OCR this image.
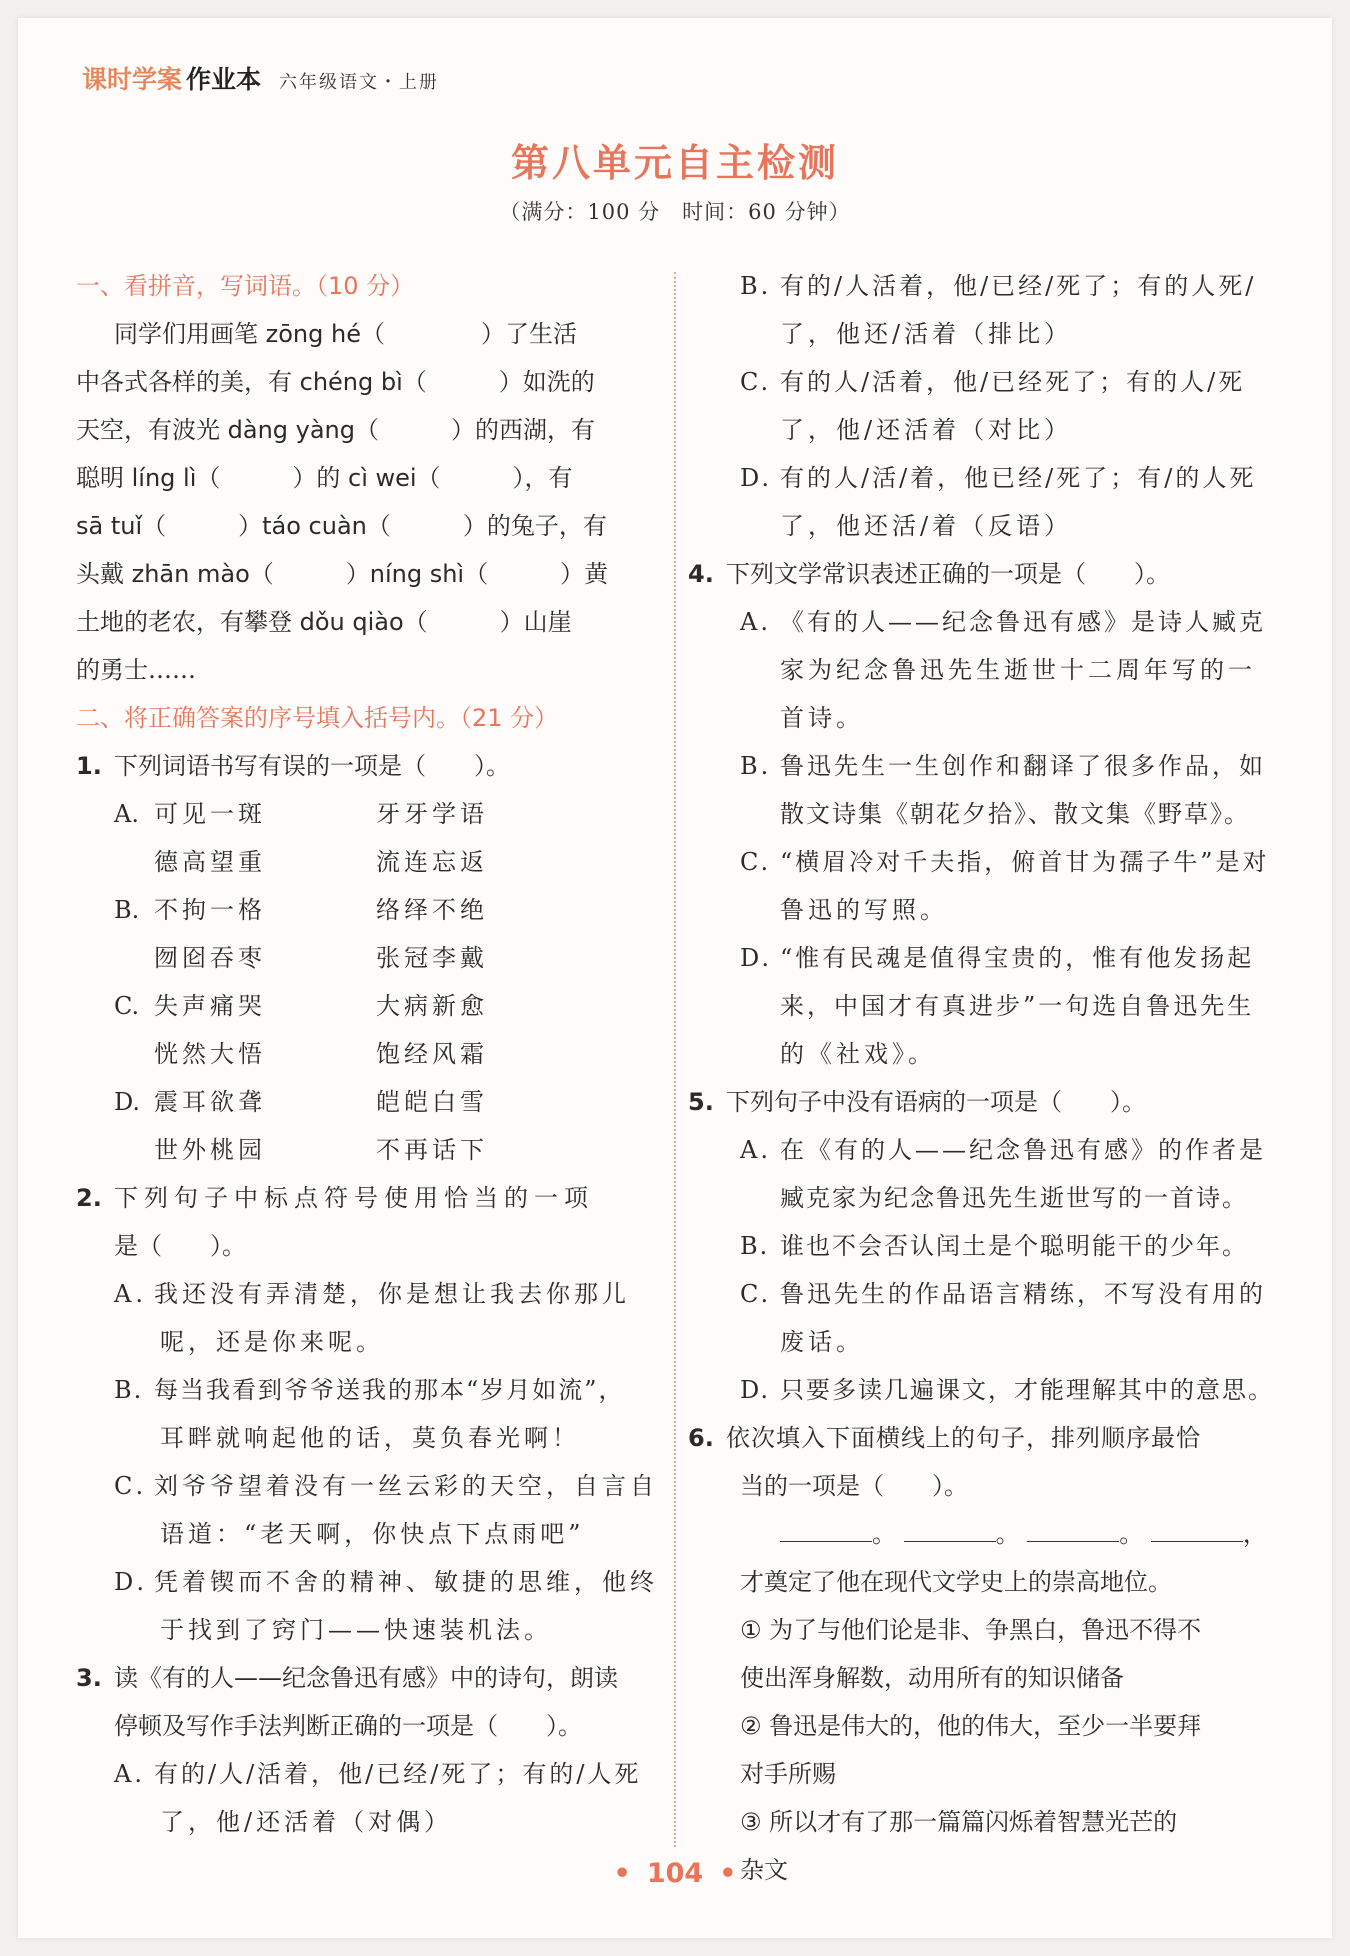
课时学案 作业本 六年级语文・上册
第八单元自主检测
（满分：100 分　时间：60 分钟）
一、看拼音，写词语。（10 分）
同学们用画笔 zōng hé（　　　　）了生活
中各式各样的美，有 chéng bì（　　　）如洗的
天空，有波光 dàng yàng（　　　）的西湖，有
聪明 líng lì（　　　）的 cì wei（　　　），有
sā tuǐ（　　　）táo cuàn（　　　）的兔子，有
头戴 zhān mào（　　　）níng shì（　　　）黄
土地的老农，有攀登 dǒu qiào（　　　）山崖
的勇士……
二、将正确答案的序号填入括号内。（21 分）
1. 下列词语书写有误的一项是（　　）。
A. 可见一斑	牙牙学语
德高望重	流连忘返
B. 不拘一格	络绎不绝
囫囵吞枣	张冠李戴
C. 失声痛哭	大病新愈
恍然大悟	饱经风霜
D. 震耳欲聋	皑皑白雪
世外桃园	不再话下
2. 下列句子中标点符号使用恰当的一项
是（　　）。
A. 我还没有弄清楚，你是想让我去你那儿
呢，还是你来呢。
B. 每当我看到爷爷送我的那本“岁月如流”，
耳畔就响起他的话，莫负春光啊！
C. 刘爷爷望着没有一丝云彩的天空，自言自
语道：“老天啊，你快点下点雨吧”
D. 凭着锲而不舍的精神、敏捷的思维，他终
于找到了窍门——快速装机法。
3. 读《有的人——纪念鲁迅有感》中的诗句，朗读
停顿及写作手法判断正确的一项是（　　）。
A. 有的/人/活着，他/已经/死了；有的/人死
了，他/还活着（对偶）
B. 有的/人活着，他/已经/死了；有的人死/
了，他还/活着（排比）
C. 有的人/活着，他/已经死了；有的人/死
了，他/还活着（对比）
D. 有的人/活/着，他已经/死了；有/的人死
了，他还活/着（反语）
4. 下列文学常识表述正确的一项是（　　）。
A. 《有的人——纪念鲁迅有感》是诗人臧克
家为纪念鲁迅先生逝世十二周年写的一
首诗。
B. 鲁迅先生一生创作和翻译了很多作品，如
散文诗集《朝花夕拾》、散文集《野草》。
C. “横眉冷对千夫指，俯首甘为孺子牛”是对
鲁迅的写照。
D. “惟有民魂是值得宝贵的，惟有他发扬起
来，中国才有真进步”一句选自鲁迅先生
的《社戏》。
5. 下列句子中没有语病的一项是（　　）。
A. 在《有的人——纪念鲁迅有感》的作者是
臧克家为纪念鲁迅先生逝世写的一首诗。
B. 谁也不会否认闰土是个聪明能干的少年。
C. 鲁迅先生的作品语言精练，不写没有用的
废话。
D. 只要多读几遍课文，才能理解其中的意思。
6. 依次填入下面横线上的句子，排列顺序最恰
当的一项是（　　）。
。	。	。	，
才奠定了他在现代文学史上的崇高地位。
① 为了与他们论是非、争黑白，鲁迅不得不
使出浑身解数，动用所有的知识储备
② 鲁迅是伟大的，他的伟大，至少一半要拜
对手所赐
③ 所以才有了那一篇篇闪烁着智慧光芒的
杂文
• 104 •
